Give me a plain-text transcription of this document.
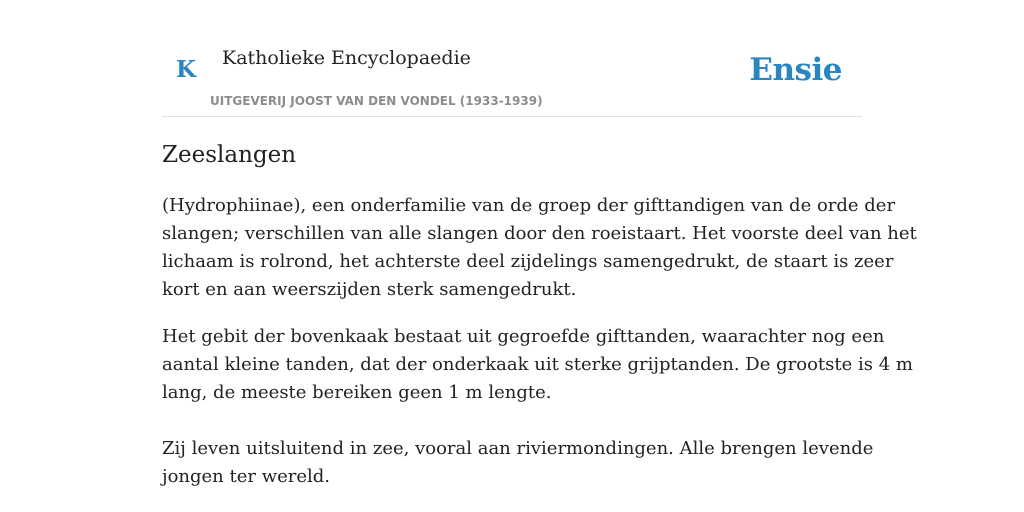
K Katholieke Encyclopaedie
UITGEVERIJ JOOST VAN DEN VONDEL (1933-1939)
Ensie
Zeeslangen

(Hydrophiinae), een onderfamilie van de groep der gifttandigen van de orde der
slangen; verschillen van alle slangen door den roeistaart. Het voorste deel van het
lichaam is rolrond, het achterste deel zijdelings samengedrukt, de staart is zeer
kort en aan weerszijden sterk samengedrukt.

Het gebit der bovenkaak bestaat uit gegroefde gifttanden, waarachter nog een
aantal kleine tanden, dat der onderkaak uit sterke grijptanden. De grootste is 4 m
lang, de meeste bereiken geen 1 m lengte.

Zij leven uitsluitend in zee, vooral aan riviermondingen. Alle brengen levende
jongen ter wereld.
